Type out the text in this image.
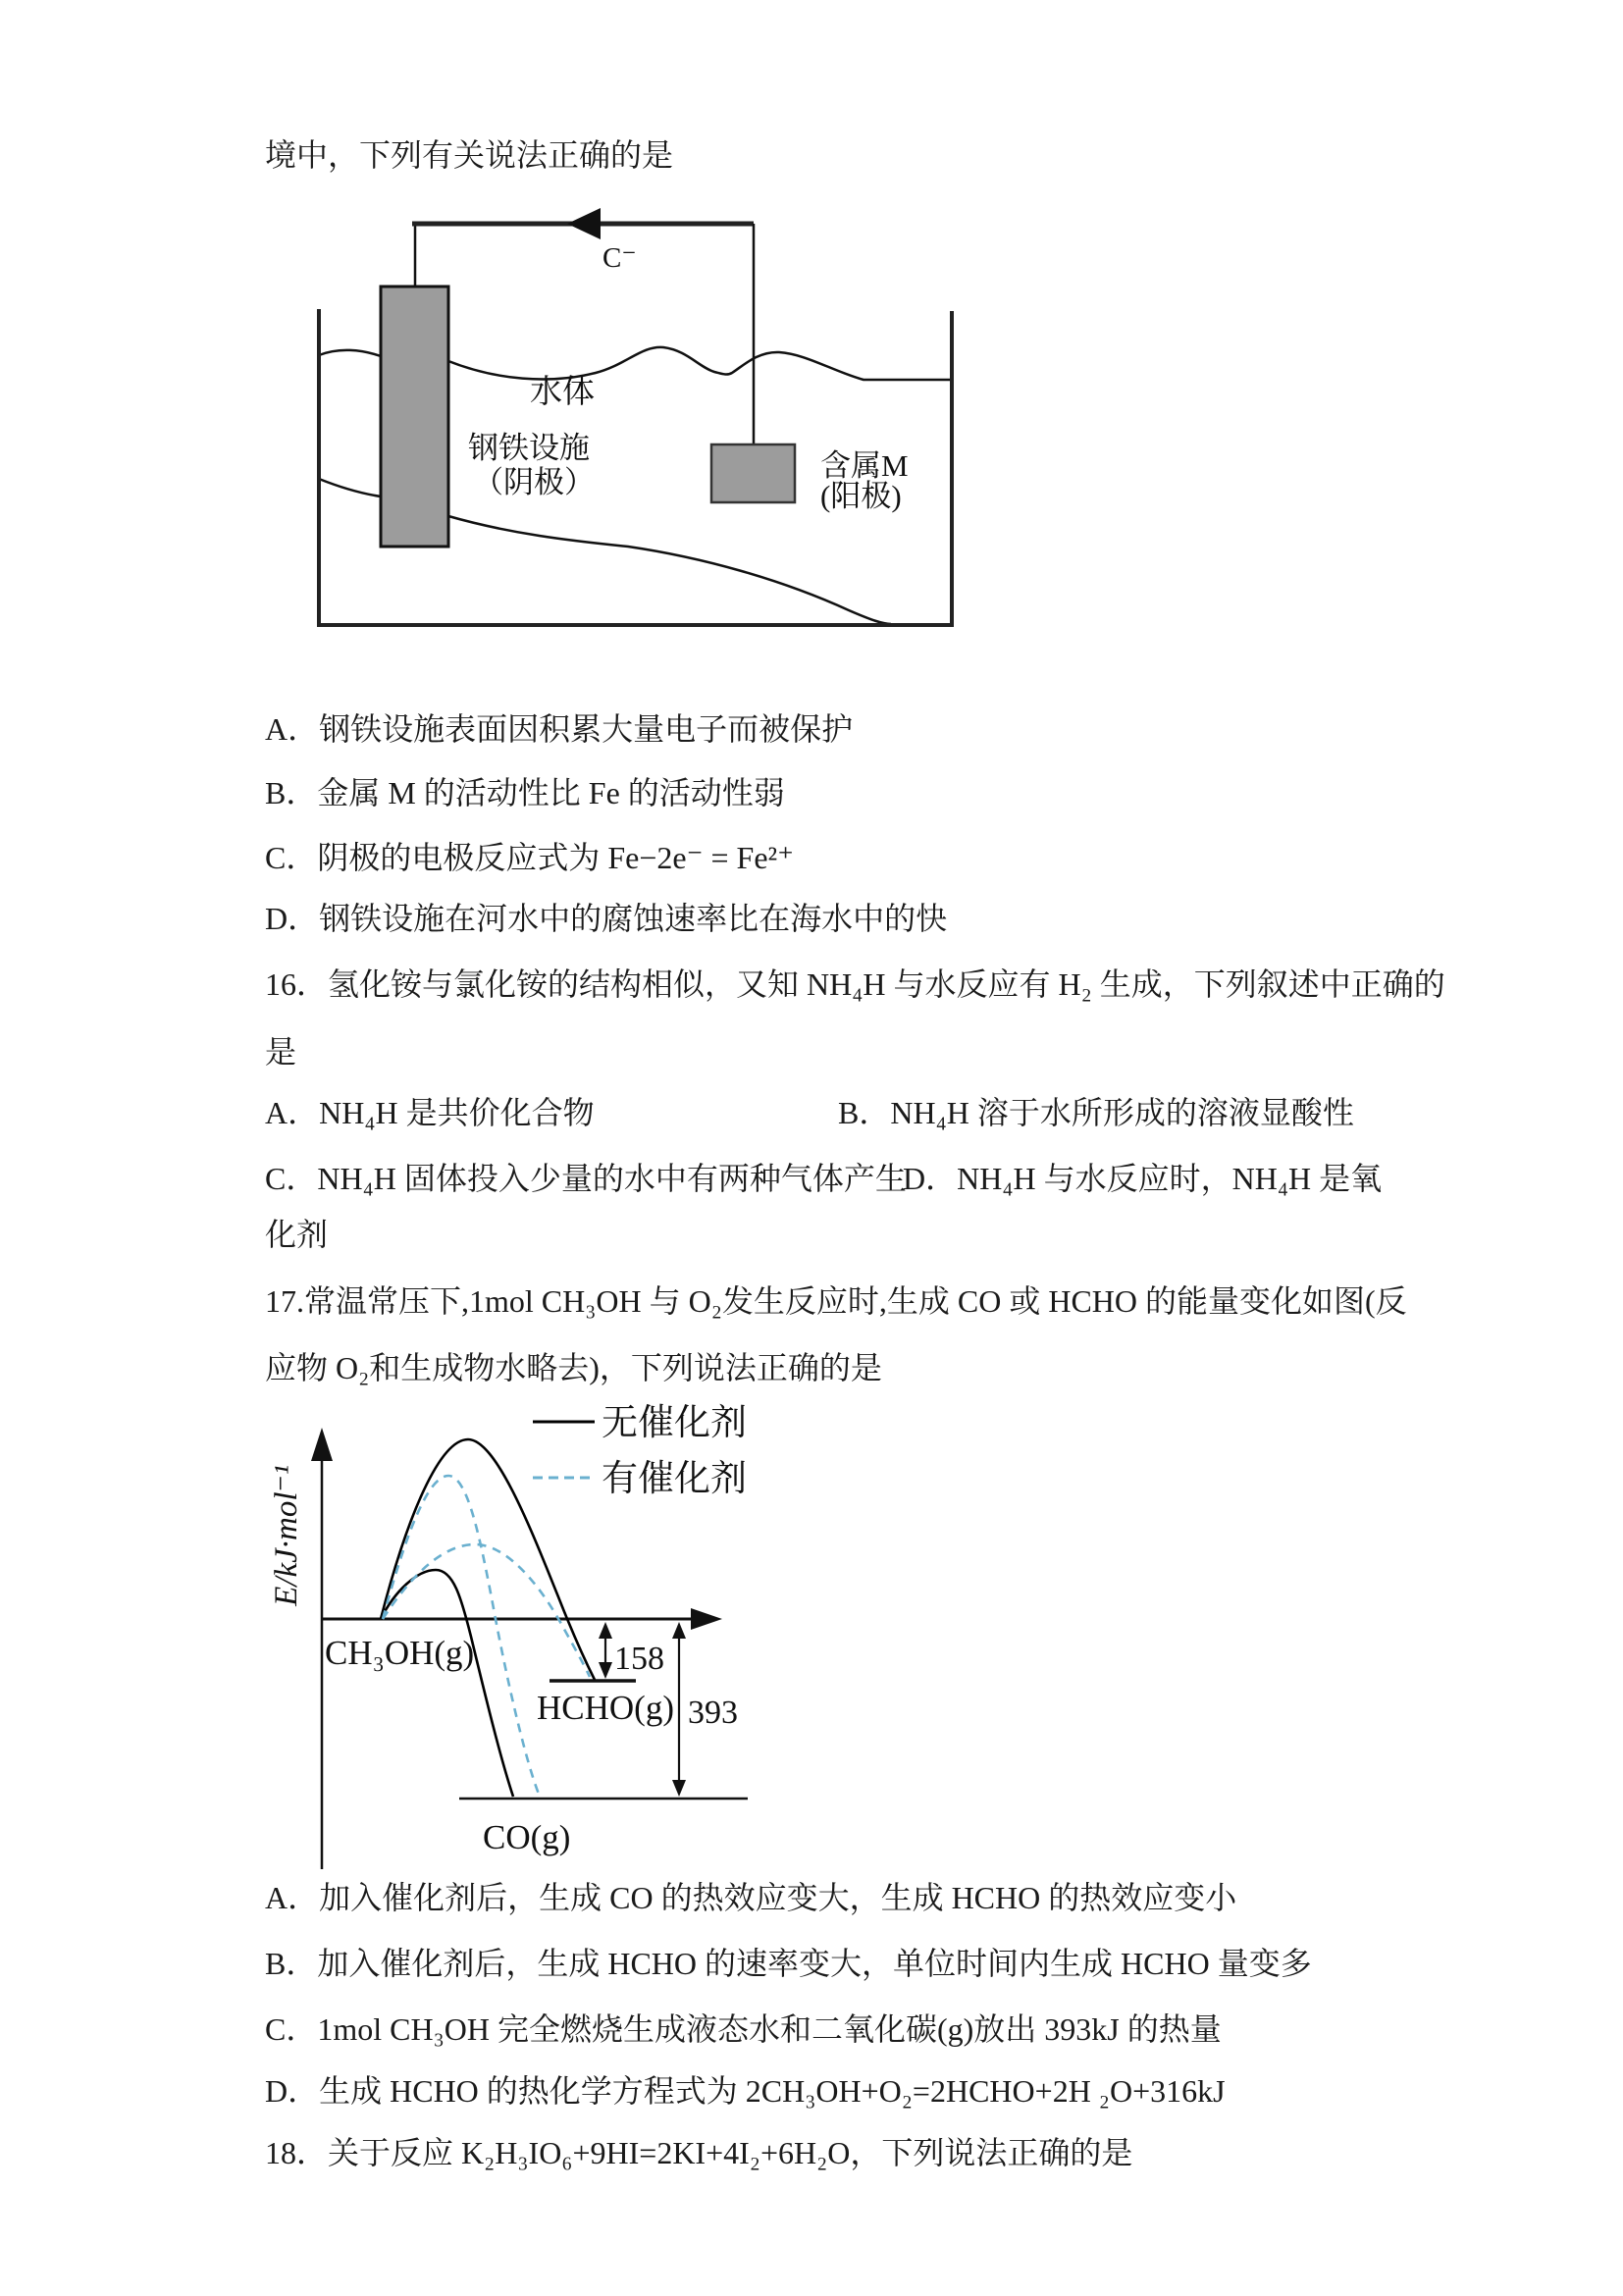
境中，下列有关说法正确的是
A．钢铁设施表面因积累大量电子而被保护
B．金属 M 的活动性比 Fe 的活动性弱
C．阴极的电极反应式为 Fe−2e⁻ = Fe²⁺
D．钢铁设施在河水中的腐蚀速率比在海水中的快
16．氢化铵与氯化铵的结构相似，又知 NH₄H 与水反应有 H₂ 生成，下列叙述中正确的
是
A．NH₄H 是共价化合物	B．NH₄H 溶于水所形成的溶液显酸性
C．NH₄H 固体投入少量的水中有两种气体产生
D．NH₄H 与水反应时，NH₄H 是氧
化剂
17.常温常压下,1mol CH₃OH 与 O₂发生反应时,生成 CO 或 HCHO 的能量变化如图(反
应物 O₂和生成物水略去)，下列说法正确的是
A．加入催化剂后，生成 CO 的热效应变大，生成 HCHO 的热效应变小
B．加入催化剂后，生成 HCHO 的速率变大，单位时间内生成 HCHO 量变多
C．1mol CH₃OH 完全燃烧生成液态水和二氧化碳(g)放出 393kJ 的热量
D．生成 HCHO 的热化学方程式为 2CH₃OH+O₂=2HCHO+2H ₂O+316kJ
18．关于反应 K₂H₃IO₆+9HI=2KI+4I₂+6H₂O，下列说法正确的是
C⁻
水体
钢铁设施
（阴极）	含属M
(阳极)
E/kJ·mol⁻¹
无催化剂
有催化剂
CH₃OH(g)
HCHO(g)
CO(g)
158
393
